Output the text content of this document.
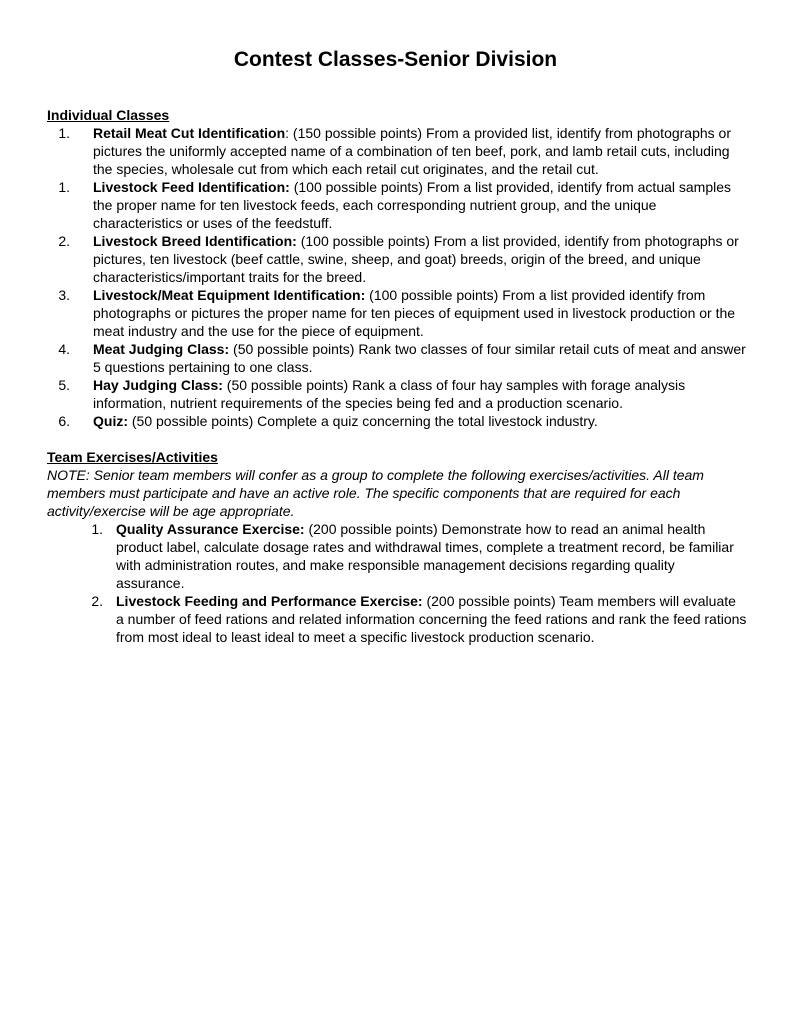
Contest Classes-Senior Division
Individual Classes
1. Retail Meat Cut Identification: (150 possible points) From a provided list, identify from photographs or pictures the uniformly accepted name of a combination of ten beef, pork, and lamb retail cuts, including the species, wholesale cut from which each retail cut originates, and the retail cut.
1. Livestock Feed Identification: (100 possible points) From a list provided, identify from actual samples the proper name for ten livestock feeds, each corresponding nutrient group, and the unique characteristics or uses of the feedstuff.
2. Livestock Breed Identification: (100 possible points) From a list provided, identify from photographs or pictures, ten livestock (beef cattle, swine, sheep, and goat) breeds, origin of the breed, and unique characteristics/important traits for the breed.
3. Livestock/Meat Equipment Identification: (100 possible points) From a list provided identify from photographs or pictures the proper name for ten pieces of equipment used in livestock production or the meat industry and the use for the piece of equipment.
4. Meat Judging Class: (50 possible points) Rank two classes of four similar retail cuts of meat and answer 5 questions pertaining to one class.
5. Hay Judging Class: (50 possible points) Rank a class of four hay samples with forage analysis information, nutrient requirements of the species being fed and a production scenario.
6. Quiz: (50 possible points) Complete a quiz concerning the total livestock industry.
Team Exercises/Activities
NOTE: Senior team members will confer as a group to complete the following exercises/activities. All team members must participate and have an active role. The specific components that are required for each activity/exercise will be age appropriate.
1. Quality Assurance Exercise: (200 possible points) Demonstrate how to read an animal health product label, calculate dosage rates and withdrawal times, complete a treatment record, be familiar with administration routes, and make responsible management decisions regarding quality assurance.
2. Livestock Feeding and Performance Exercise: (200 possible points) Team members will evaluate a number of feed rations and related information concerning the feed rations and rank the feed rations from most ideal to least ideal to meet a specific livestock production scenario.
